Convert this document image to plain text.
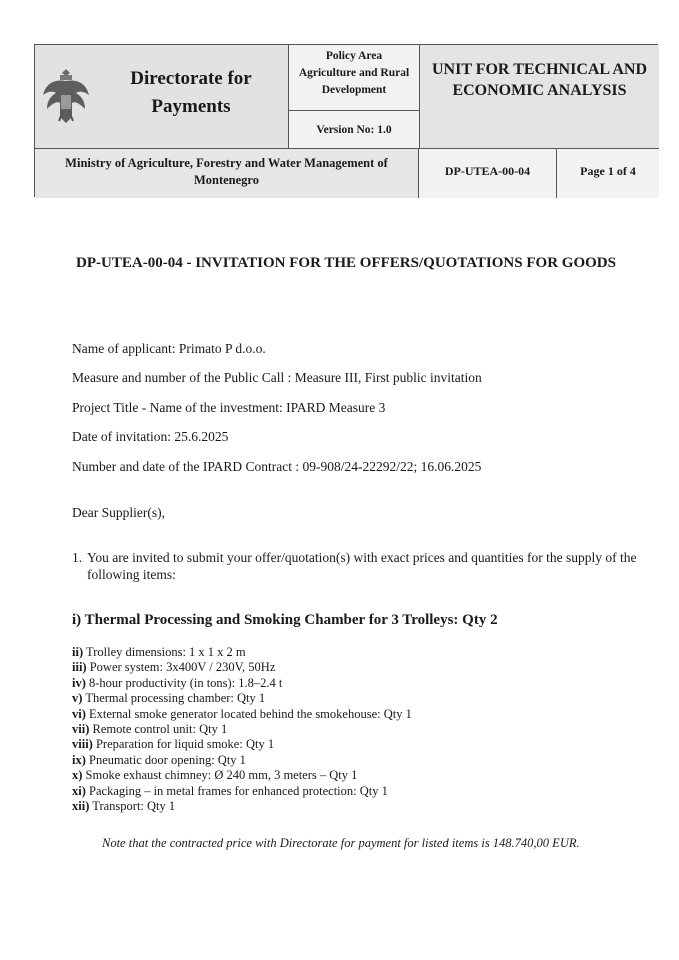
Directorate for Payments
Policy Area
Agriculture and Rural Development
Version No: 1.0
UNIT FOR TECHNICAL AND ECONOMIC ANALYSIS
Ministry of Agriculture, Forestry and Water Management of Montenegro
DP-UTEA-00-04	Page 1 of 4
DP-UTEA-00-04 - INVITATION FOR THE OFFERS/QUOTATIONS FOR GOODS
Name of applicant: Primato P d.o.o.
Measure and number of the Public Call : Measure III, First public invitation
Project Title - Name of the investment: IPARD Measure 3
Date of invitation: 25.6.2025
Number and date of the IPARD Contract : 09-908/24-22292/22; 16.06.2025
Dear Supplier(s),
1. You are invited to submit your offer/quotation(s) with exact prices and quantities for the supply of the following items:
i) Thermal Processing and Smoking Chamber for 3 Trolleys: Qty 2
ii) Trolley dimensions: 1 x 1 x 2 m
iii) Power system: 3x400V / 230V, 50Hz
iv) 8-hour productivity (in tons): 1.8–2.4 t
v) Thermal processing chamber: Qty 1
vi) External smoke generator located behind the smokehouse: Qty 1
vii) Remote control unit: Qty 1
viii) Preparation for liquid smoke: Qty 1
ix) Pneumatic door opening: Qty 1
x) Smoke exhaust chimney: Ø 240 mm, 3 meters – Qty 1
xi) Packaging – in metal frames for enhanced protection: Qty 1
xii) Transport: Qty 1
Note that the contracted price with Directorate for payment for listed items is 148.740,00 EUR.
